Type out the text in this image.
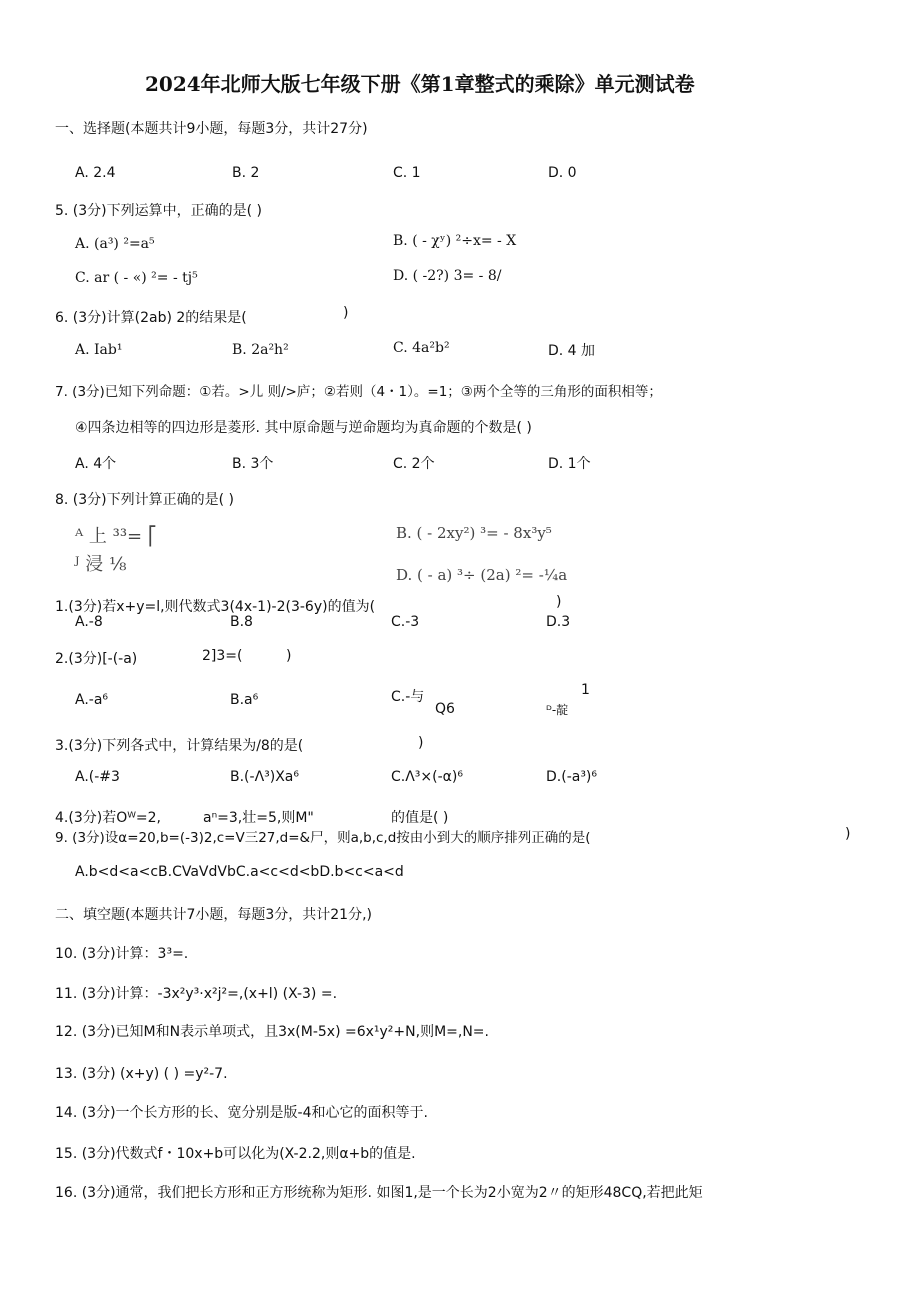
2024年北师大版七年级下册《第1章整式的乘除》单元测试卷
一、选择题(本题共计9小题，每题3分，共计27分)
A. 2.4	B. 2	C. 1	D. 0
5. (3分)下列运算中，正确的是( )
A. (a³) ²=a⁵	B. ( - χʸ) ²÷x= - X
C. ar ( - «) ²= - tj⁵	D. ( -2?) 3= - 8/
6. (3分)计算(2ab) 2的结果是(	)
A. Iab¹	B. 2a²h²	C. 4a²b²	D. 4 加
7. (3分)已知下列命题：①若。>儿 则/>庐；②若则（4・1）。=1；③两个全等的三角形的面积相等；
④四条边相等的四边形是菱形. 其中原命题与逆命题均为真命题的个数是( )
A. 4个	B. 3个	C. 2个	D. 1个
8. (3分)下列计算正确的是( )
ᴬ 上 ³³= ⎡
ᴶ 浸 ⅛
B. ( - 2xy²) ³= - 8x³y⁵
D. ( - a) ³÷ (2a) ²= -¼a
1.(3分)若x+y=l,则代数式3(4x-1)-2(3-6y)的值为(	)
A.-8	B.8	C.-3	D.3
2.(3分)[-(-a)	2]3=(	)
A.-a⁶	B.a⁶	C.-与
Q6
1
ᴰ-靛
3.(3分)下列各式中，计算结果为/8的是(	)
A.(-#3	B.(-Λ³)Xa⁶	C.Λ³×(-α)⁶	D.(-a³)⁶
4.(3分)若Oᵂ=2,	aⁿ=3,壮=5,则M"	的值是( )
9. (3分)设α=20,b=(-3)2,c=V三27,d=&尸，则a,b,c,d按由小到大的顺序排列正确的是(	)
A.b<d<a<cB.CVaVdVbC.a<c<d<bD.b<c<a<d
二、填空题(本题共计7小题，每题3分，共计21分,)
10. (3分)计算：3³=.
11. (3分)计算：-3x²y³·x²j²=,(x+l) (X-3) =.
12. (3分)已知M和N表示单项式，且3x(M-5x) =6x¹y²+N,则M=,N=.
13. (3分) (x+y) ( ) =y²-7.
14. (3分)一个长方形的长、宽分别是版-4和心它的面积等于.
15. (3分)代数式f・10x+b可以化为(X-2.2,则α+b的值是.
16. (3分)通常，我们把长方形和正方形统称为矩形. 如图1,是一个长为2小宽为2〃的矩形48CQ,若把此矩
